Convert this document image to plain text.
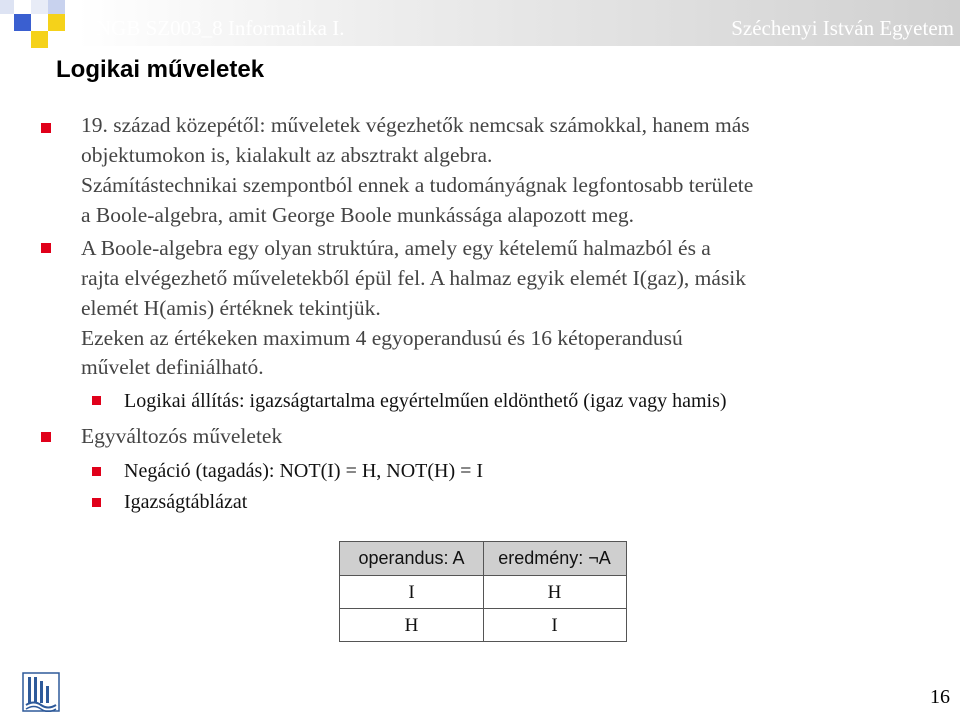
NGB SZ003_8 Informatika I.	Széchenyi István Egyetem
Logikai műveletek
19. század közepétől: műveletek végezhetők nemcsak számokkal, hanem más
objektumokon is, kialakult az absztrakt algebra.
Számítástechnikai szempontból ennek a tudományágnak legfontosabb területe
a Boole-algebra, amit George Boole munkássága alapozott meg.
A Boole-algebra egy olyan struktúra, amely egy kételemű halmazból és a
rajta elvégezhető műveletekből épül fel. A halmaz egyik elemét I(gaz), másik
elemét H(amis) értéknek tekintjük.
Ezeken az értékeken maximum 4 egyoperandusú és 16 kétoperandusú
művelet definiálható.
Logikai állítás: igazságtartalma egyértelműen eldönthető (igaz vagy hamis)
Egyváltozós műveletek
Negáció (tagadás): NOT(I) = H, NOT(H) = I
Igazságtáblázat
operandus: A	eredmény: ¬A
I	H
H	I
16
